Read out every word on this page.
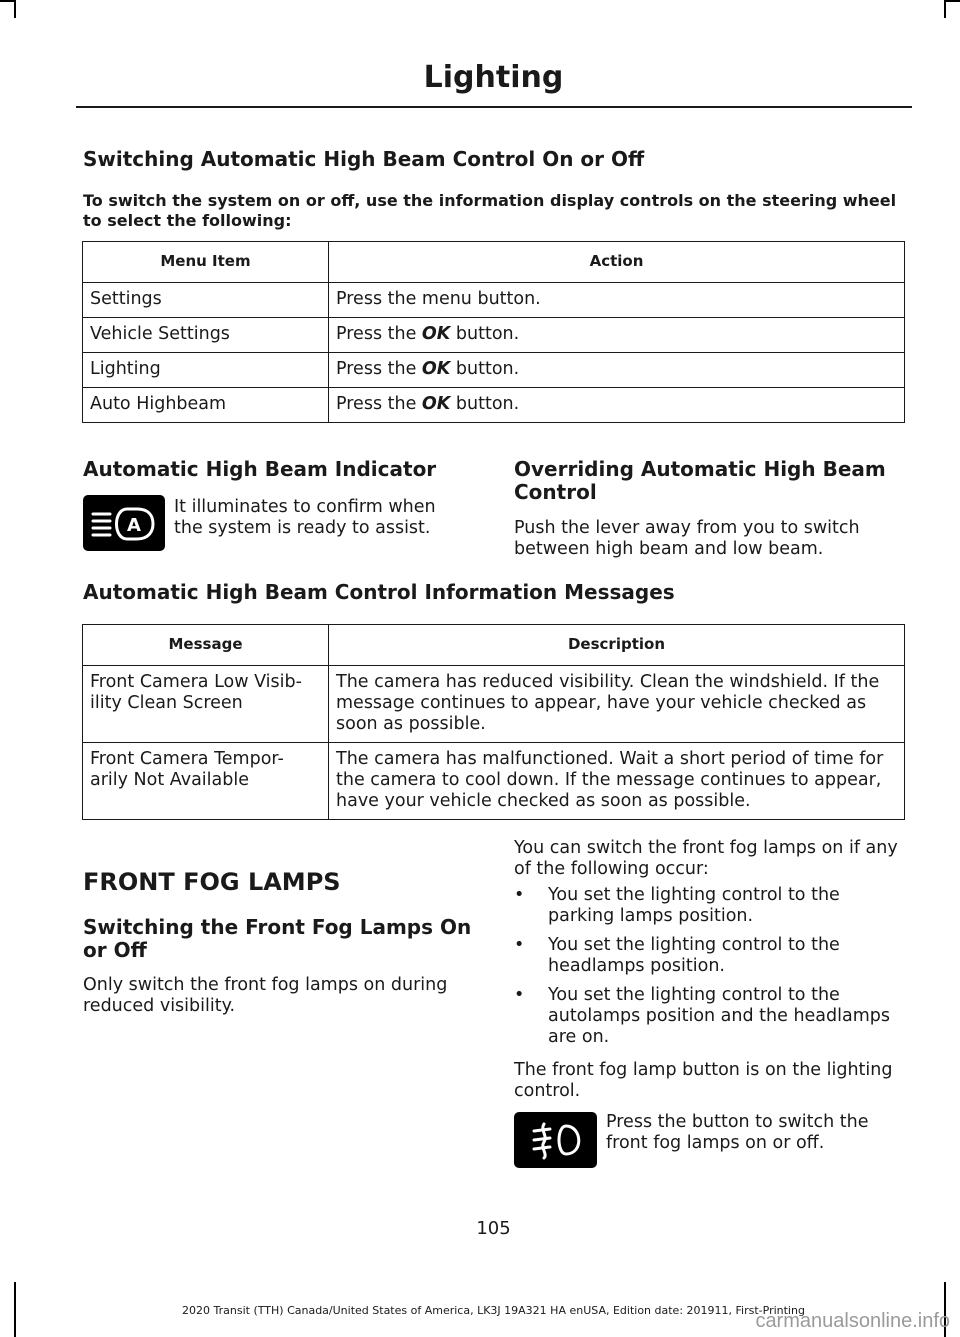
Lighting
Switching Automatic High Beam Control On or Off

To switch the system on or off, use the information display controls on the steering wheel to select the following:

Menu Item	Action
Settings	Press the menu button.
Vehicle Settings	Press the OK button.
Lighting	Press the OK button.
Auto Highbeam	Press the OK button.
Automatic High Beam Indicator
A

It illuminates to confirm when the system is ready to assist.

Overriding Automatic High Beam Control

Push the lever away from you to switch between high beam and low beam.

Automatic High Beam Control Information Messages
Message	Description
Front Camera Low Visib-ility Clean Screen	The camera has reduced visibility. Clean the windshield. If the message continues to appear, have your vehicle checked as soon as possible.
Front Camera Tempor-arily Not Available	The camera has malfunctioned. Wait a short period of time for the camera to cool down. If the message continues to appear, have your vehicle checked as soon as possible.
FRONT FOG LAMPS
Switching the Front Fog Lamps On or Off

Only switch the front fog lamps on during reduced visibility.

You can switch the front fog lamps on if any of the following occur:

• You set the lighting control to the parking lamps position.
• You set the lighting control to the headlamps position.
• You set the lighting control to the autolamps position and the headlamps are on.

The front fog lamp button is on the lighting control.

Press the button to switch the front fog lamps on or off.

105
2020 Transit (TTH) Canada/United States of America, LK3J 19A321 HA enUSA, Edition date: 201911, First-Printing
carmanualsonline.info
